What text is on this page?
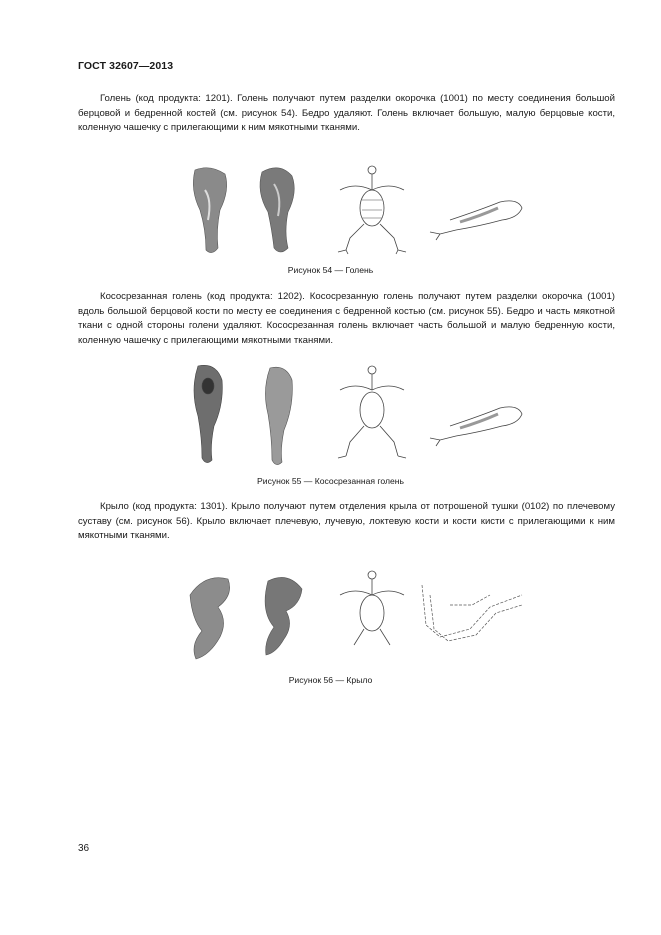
ГОСТ 32607—2013

Голень (код продукта: 1201). Голень получают путем разделки окорочка (1001) по месту соединения большой берцовой и бедренной костей (см. рисунок 54). Бедро удаляют. Голень включает большую, малую берцовые кости, коленную чашечку с прилегающими к ним мякотными тканями.

Рисунок 54 — Голень

Кососрезанная голень (код продукта: 1202). Кососрезанную голень получают путем разделки окорочка (1001) вдоль большой берцовой кости по месту ее соединения с бедренной костью (см. рисунок 55). Бедро и часть мякотной ткани с одной стороны голени удаляют. Кососрезанная голень включает часть большой и малую бедренную кости, коленную чашечку с прилегающими мякотными тканями.

Рисунок 55 — Кососрезанная голень

Крыло (код продукта: 1301). Крыло получают путем отделения крыла от потрошеной тушки (0102) по плечевому суставу (см. рисунок 56). Крыло включает плечевую, лучевую, локтевую кости и кости кисти с прилегающими к ним мякотными тканями.

Рисунок 56 — Крыло
36
